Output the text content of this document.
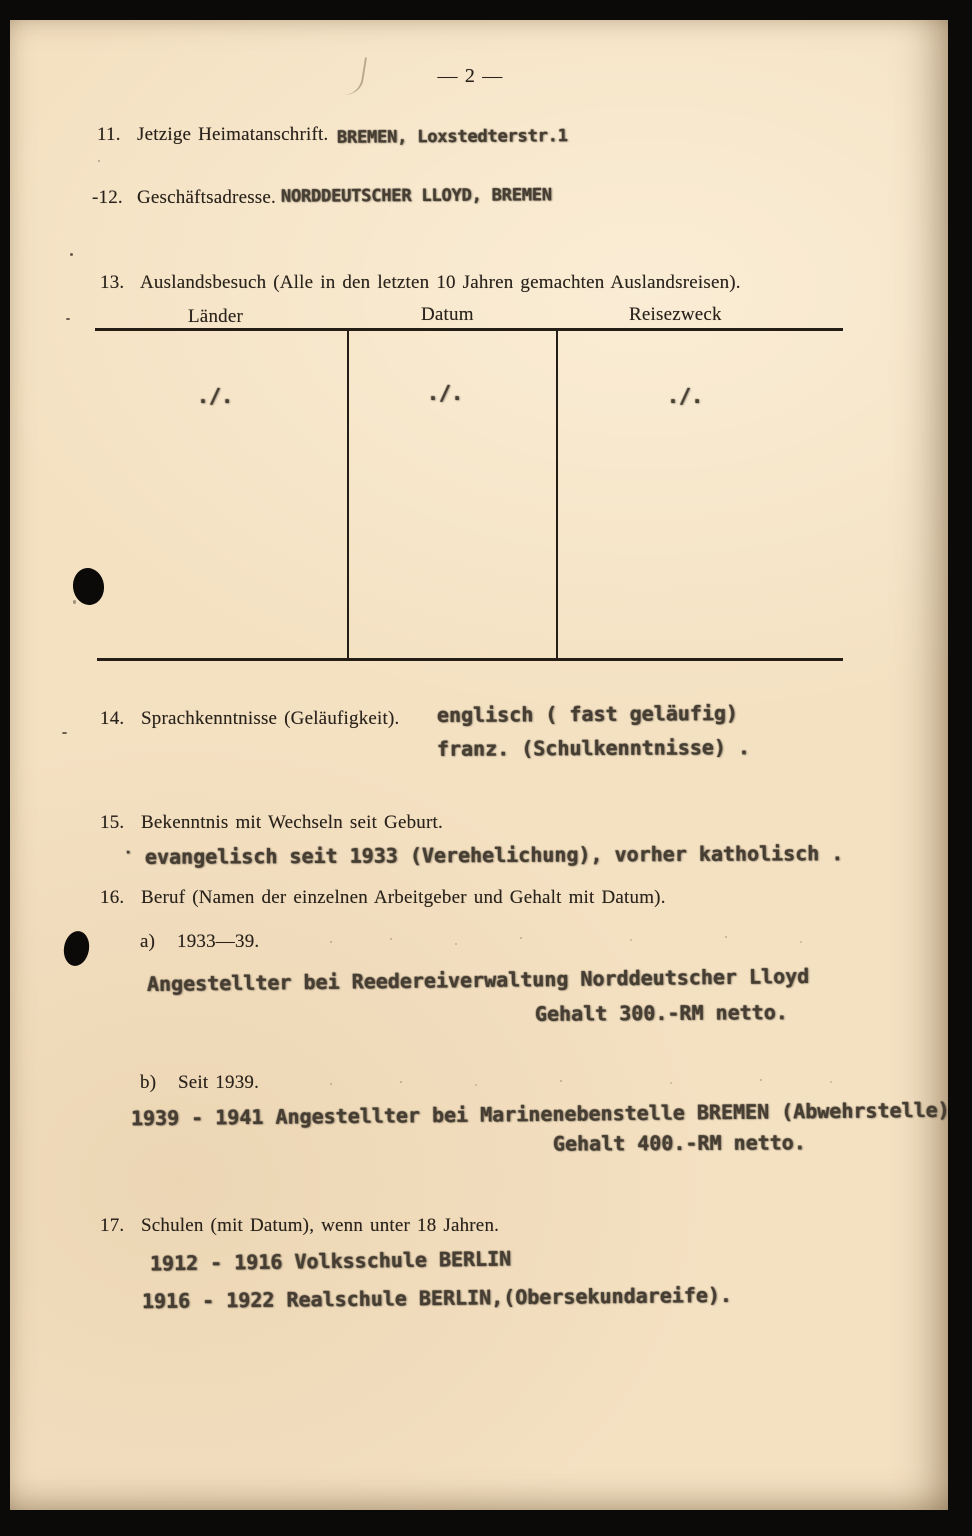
— 2 —
11. Jetzige Heimatanschrift. BREMEN, Loxstedterstr.1
-12. Geschäftsadresse. NORDDEUTSCHER LLOYD, BREMEN
13. Auslandsbesuch (Alle in den letzten 10 Jahren gemachten Auslandsreisen).
Länder	Datum	Reisezweck
./.	./.	./.
14. Sprachkenntnisse (Geläufigkeit). englisch ( fast geläufig)
franz. (Schulkenntnisse) .
15. Bekenntnis mit Wechseln seit Geburt.
· evangelisch seit 1933 (Verehelichung), vorher katholisch .
16. Beruf (Namen der einzelnen Arbeitgeber und Gehalt mit Datum).
a) 1933—39.
Angestellter bei Reedereiverwaltung Norddeutscher Lloyd
Gehalt 300.-RM netto.
b) Seit 1939.
1939 - 1941 Angestellter bei Marinenebenstelle BREMEN (Abwehrstelle)
Gehalt 400.-RM netto.
17. Schulen (mit Datum), wenn unter 18 Jahren.
1912 - 1916 Volksschule BERLIN
1916 - 1922 Realschule BERLIN,(Obersekundareife).
